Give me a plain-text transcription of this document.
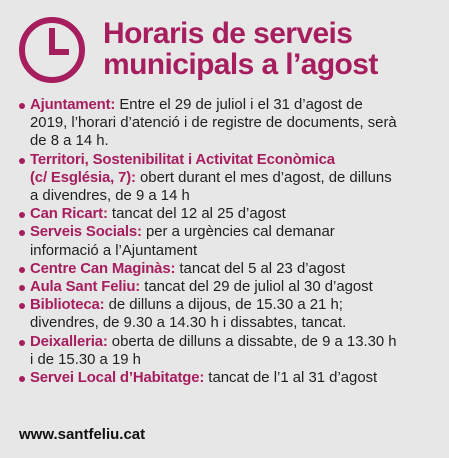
Horaris de serveis
municipals a l’agost
Ajuntament: Entre el 29 de juliol i el 31 d’agost de
2019, l’horari d’atenció i de registre de documents, serà
de 8 a 14 h.
Territori, Sostenibilitat i Activitat Econòmica
(c/ Església, 7): obert durant el mes d’agost, de dilluns
a divendres, de 9 a 14 h
Can Ricart: tancat del 12 al 25 d’agost
Serveis Socials: per a urgències cal demanar
informació a l’Ajuntament
Centre Can Maginàs: tancat del 5 al 23 d’agost
Aula Sant Feliu: tancat del 29 de juliol al 30 d’agost
Biblioteca: de dilluns a dijous, de 15.30 a 21 h;
divendres, de 9.30 a 14.30 h i dissabtes, tancat.
Deixalleria: oberta de dilluns a dissabte, de 9 a 13.30 h
i de 15.30 a 19 h
Servei Local d’Habitatge: tancat de l’1 al 31 d’agost

www.santfeliu.cat
